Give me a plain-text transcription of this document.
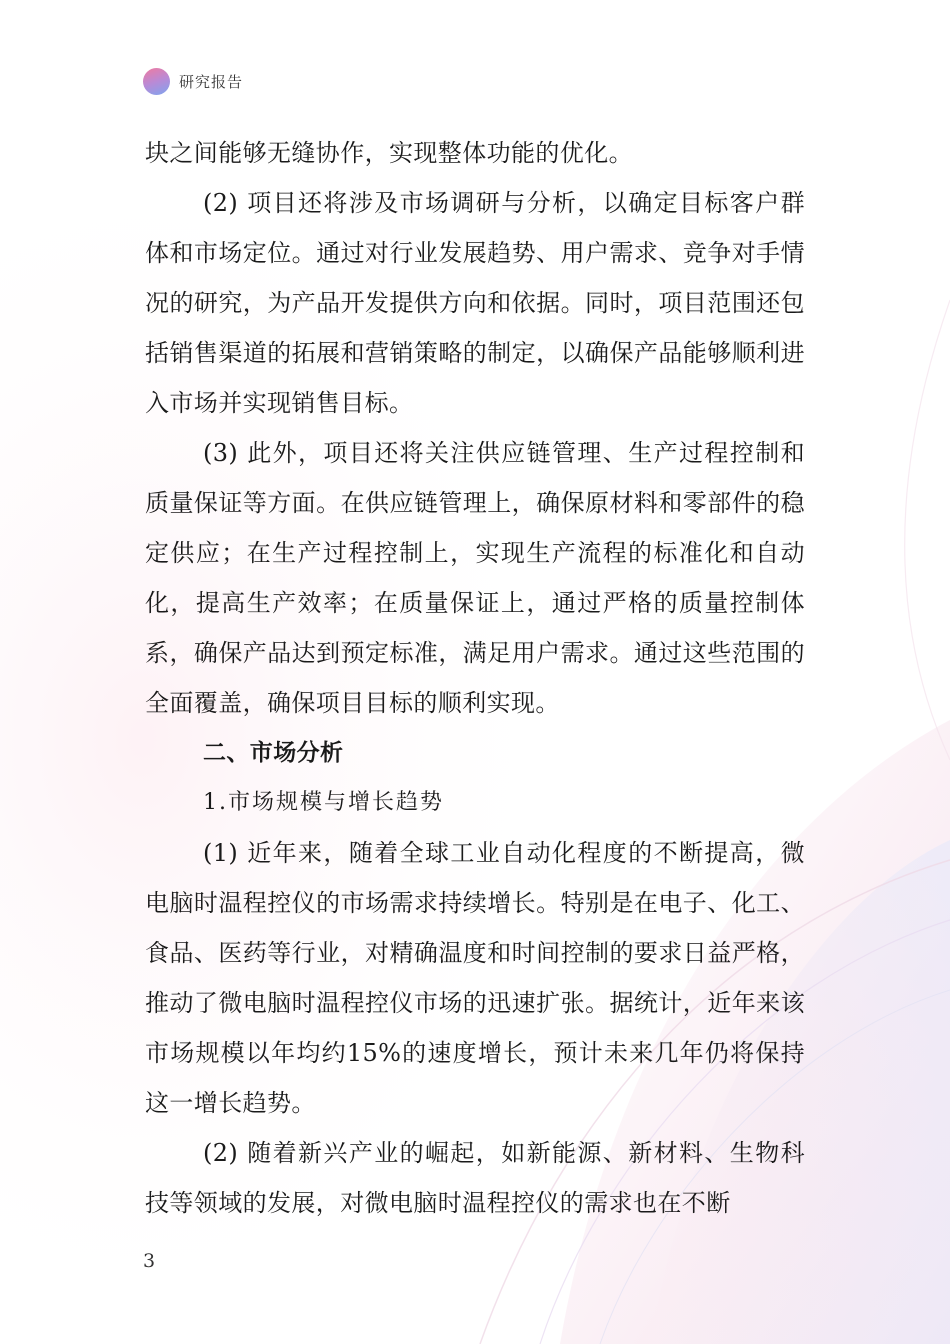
研究报告

块之间能够无缝协作，实现整体功能的优化。

(2) 项目还将涉及市场调研与分析，以确定目标客户群体和市场定位。通过对行业发展趋势、用户需求、竞争对手情况的研究，为产品开发提供方向和依据。同时，项目范围还包括销售渠道的拓展和营销策略的制定，以确保产品能够顺利进入市场并实现销售目标。

(3) 此外，项目还将关注供应链管理、生产过程控制和质量保证等方面。在供应链管理上，确保原材料和零部件的稳定供应；在生产过程控制上，实现生产流程的标准化和自动化，提高生产效率；在质量保证上，通过严格的质量控制体系，确保产品达到预定标准，满足用户需求。通过这些范围的全面覆盖，确保项目目标的顺利实现。

二、市场分析

1.市场规模与增长趋势

(1) 近年来，随着全球工业自动化程度的不断提高，微电脑时温程控仪的市场需求持续增长。特别是在电子、化工、食品、医药等行业，对精确温度和时间控制的要求日益严格，推动了微电脑时温程控仪市场的迅速扩张。据统计，近年来该市场规模以年均约15%的速度增长，预计未来几年仍将保持这一增长趋势。

(2) 随着新兴产业的崛起，如新能源、新材料、生物科技等领域的发展，对微电脑时温程控仪的需求也在不断

3
